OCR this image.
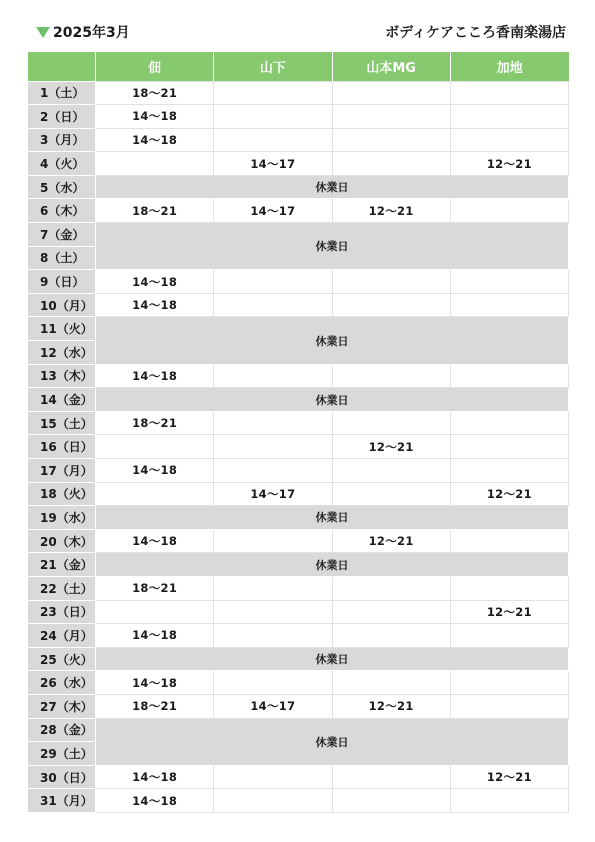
2025年3月	ボディケアこころ香南楽湯店
	佃	山下	山本MG	加地
1（土）	18～21			
2（日）	14～18			
3（月）	14～18			
4（火）		14～17		12～21
5（水）	休業日			
6（木）	18～21	14～17	12～21	
7（金）	休業日			
8（土）				
9（日）	14～18			
10（月）	14～18			
11（火）	休業日			
12（水）				
13（木）	14～18			
14（金）	休業日			
15（土）	18～21			
16（日）			12～21	
17（月）	14～18			
18（火）		14～17		12～21
19（水）	休業日			
20（木）	14～18		12～21	
21（金）	休業日			
22（土）	18～21			
23（日）				12～21
24（月）	14～18			
25（火）	休業日			
26（水）	14～18			
27（木）	18～21	14～17	12～21	
28（金）	休業日			
29（土）				
30（日）	14～18			12～21
31（月）	14～18			
